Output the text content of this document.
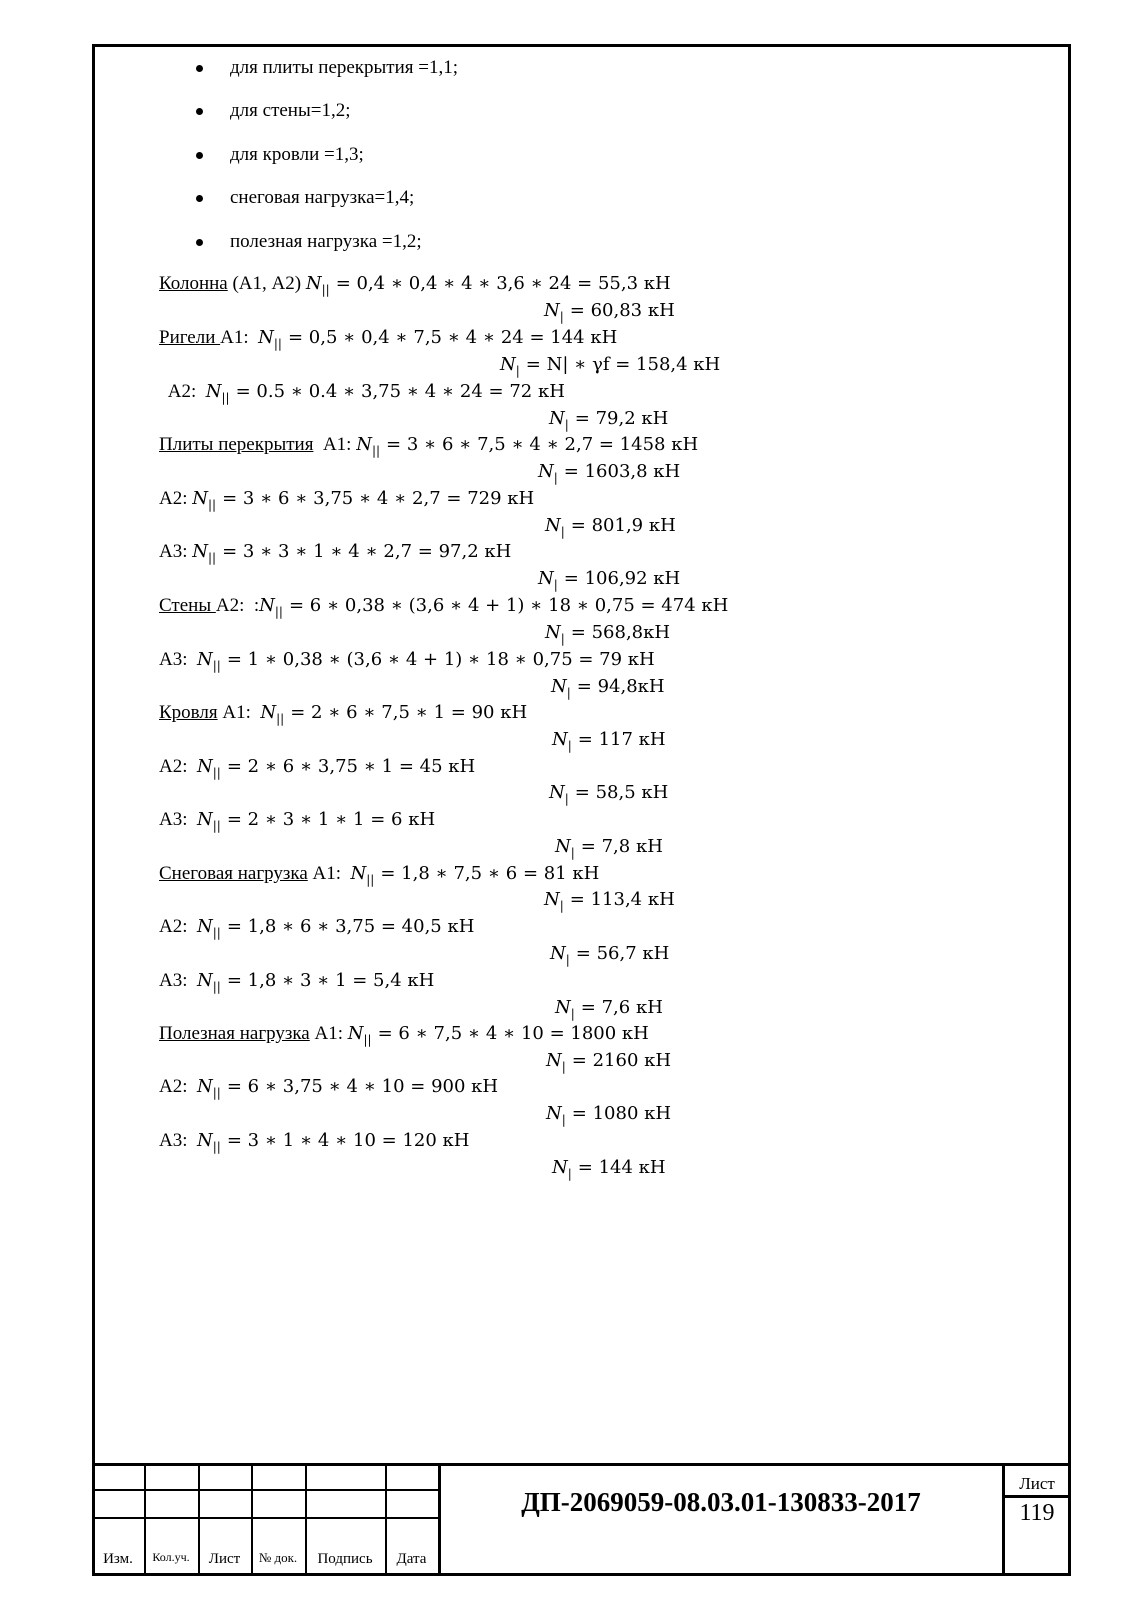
для плиты перекрытия =1,1;
для стены=1,2;
для кровли =1,3;
снеговая нагрузка=1,4;
полезная нагрузка =1,2;
Колонна (А1, А2) $N_{||} = 0,4$ ∗ 0,4 ∗ 4 ∗ 3,6 ∗ 24 = 55,3 кН
$N_| = 60,83$ кН
Ригели А1:  $N_{||} = 0,5$ ∗ 0,4 ∗ 7,5 ∗ 4 ∗ 24 = 144 кН
$N_| = N|$ ∗ γf = 158,4 кН
А2:  $N_{||} = 0.5$ ∗ 0.4 ∗ 3,75 ∗ 4 ∗ 24 = 72 кН
$N_| = 79,2$ кН
Плиты перекрытия  А1: $N_{||} = 3$ ∗ 6 ∗ 7,5 ∗ 4 ∗ 2,7 = 1458 кН
$N_| = 1603,8$ кН
А2: $N_{||} = 3$ ∗ 6 ∗ 3,75 ∗ 4 ∗ 2,7 = 729 кН
$N_| = 801,9$ кН
А3: $N_{||} = 3$ ∗ 3 ∗ 1 ∗ 4 ∗ 2,7 = 97,2 кН
$N_| = 106,92$ кН
Стены А2:  $:N_{||} = 6$ ∗ 0,38 ∗ (3,6 ∗ 4 + 1) ∗ 18 ∗ 0,75 = 474 кН
$N_| = 568,8кН$
А3:  $N_{||} = 1$ ∗ 0,38 ∗ (3,6 ∗ 4 + 1) ∗ 18 ∗ 0,75 = 79 кН
$N_| = 94,8кН$
Кровля А1:  $N_{||} = 2$ ∗ 6 ∗ 7,5 ∗ 1 = 90 кН
$N_| = 117$ кН
А2:  $N_{||} = 2$ ∗ 6 ∗ 3,75 ∗ 1 = 45 кН
$N_| = 58,5$ кН
А3:  $N_{||} = 2$ ∗ 3 ∗ 1 ∗ 1 = 6 кН
$N_| = 7,8$ кН
Снеговая нагрузка А1:  $N_{||} = 1,8$ ∗ 7,5 ∗ 6 = 81 кН
$N_| = 113,4$ кН
А2:  $N_{||} = 1,8$ ∗ 6 ∗ 3,75 = 40,5 кН
$N_| = 56,7$ кН
А3:  $N_{||} = 1,8$ ∗ 3 ∗ 1 = 5,4 кН
$N_| = 7,6$ кН
Полезная нагрузка А1: $N_{||} = 6$ ∗ 7,5 ∗ 4 ∗ 10 = 1800 кН
$N_| = 2160$ кН
А2:  $N_{||} = 6$ ∗ 3,75 ∗ 4 ∗ 10 = 900 кН
$N_| = 1080$ кН
А3:  $N_{||} = 3$ ∗ 1 ∗ 4 ∗ 10 = 120 кН
$N_| = 144$ кН
Изм.	Кол.уч.	Лист	№ док.	Подпись	Дата
ДП-2069059-08.03.01-130833-2017
Лист
119
